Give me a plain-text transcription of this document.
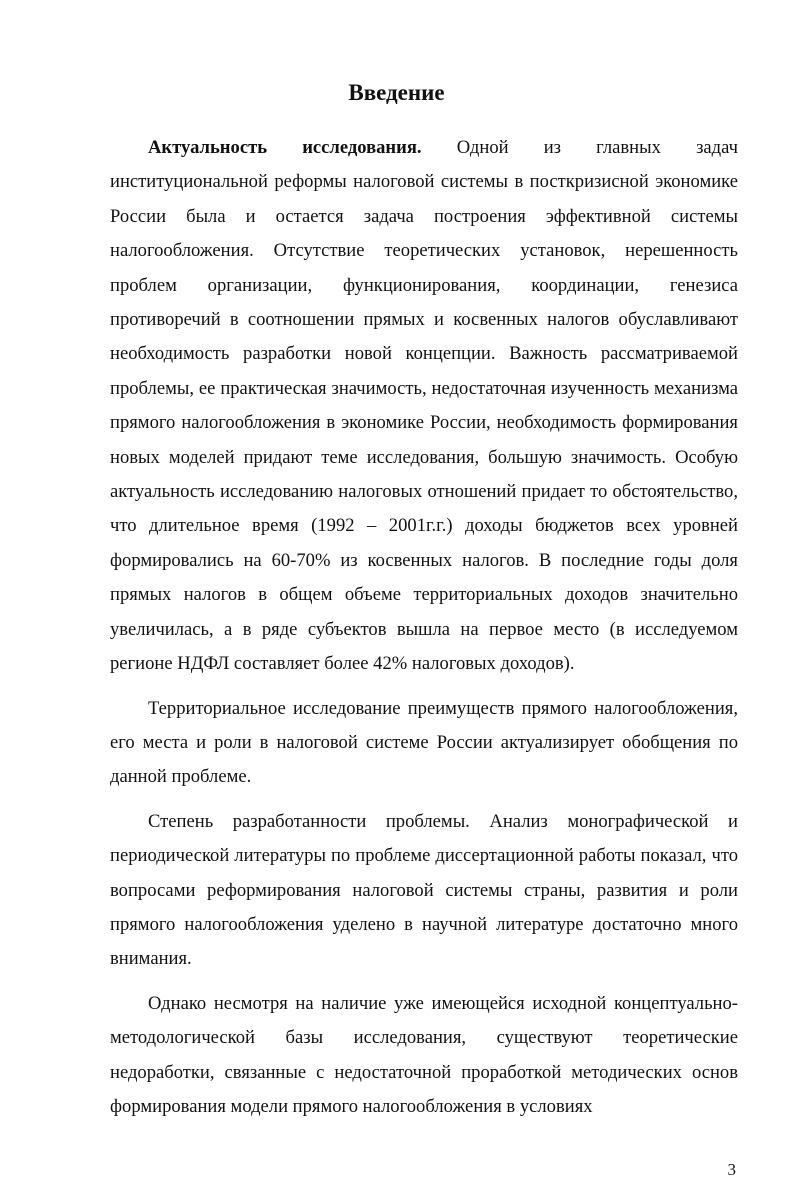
Введение

Актуальность исследования. Одной из главных задач институциональной реформы налоговой системы в посткризисной экономике России была и остается задача построения эффективной системы налогообложения. Отсутствие теоретических установок, нерешенность проблем организации, функционирования, координации, генезиса противоречий в соотношении прямых и косвенных налогов обуславливают необходимость разработки новой концепции. Важность рассматриваемой проблемы, ее практическая значимость, недостаточная изученность механизма прямого налогообложения в экономике России, необходимость формирования новых моделей придают теме исследования, большую значимость. Особую актуальность исследованию налоговых отношений придает то обстоятельство, что длительное время (1992 – 2001г.г.) доходы бюджетов всех уровней формировались на 60-70% из косвенных налогов. В последние годы доля прямых налогов в общем объеме территориальных доходов значительно увеличилась, а в ряде субъектов вышла на первое место (в исследуемом регионе НДФЛ составляет более 42% налоговых доходов).

Территориальное исследование преимуществ прямого налогообложения, его места и роли в налоговой системе России актуализирует обобщения по данной проблеме.

Степень разработанности проблемы. Анализ монографической и периодической литературы по проблеме диссертационной работы показал, что вопросами реформирования налоговой системы страны, развития и роли прямого налогообложения уделено в научной литературе достаточно много внимания.

Однако несмотря на наличие уже имеющейся исходной концептуально-методологической базы исследования, существуют теоретические недоработки, связанные с недостаточной проработкой методических основ формирования модели прямого налогообложения в условиях

3
